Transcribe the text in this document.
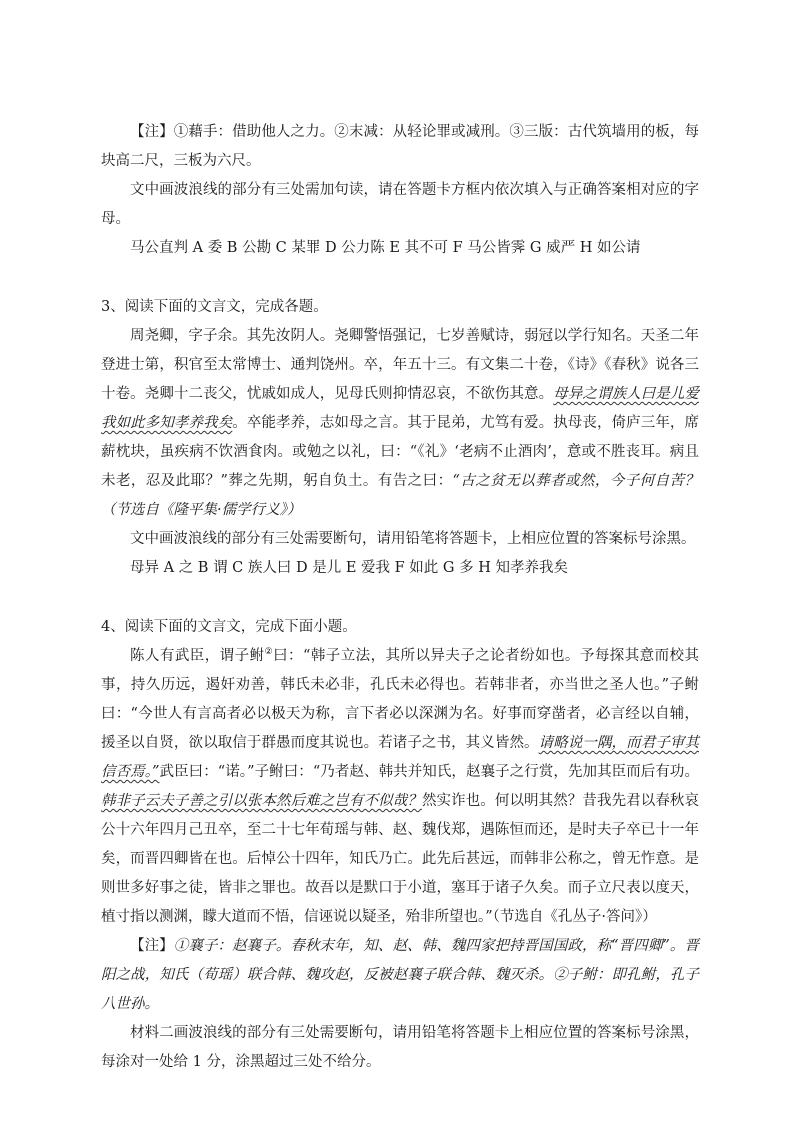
【注】①藉手：借助他人之力。②末减：从轻论罪或减刑。③三版：古代筑墙用的板，每块高二尺，三板为六尺。

文中画波浪线的部分有三处需加句读，请在答题卡方框内依次填入与正确答案相对应的字母。

马公直判 A 委 B 公勘 C 某罪 D 公力陈 E 其不可 F 马公皆霁 G 威严 H 如公请

3、阅读下面的文言文，完成各题。

周尧卿，字子余。其先汝阴人。尧卿警悟强记，七岁善赋诗，弱冠以学行知名。天圣二年登进士第，积官至太常博士、通判饶州。卒，年五十三。有文集二十卷，《诗》《春秋》说各三十卷。尧卿十二丧父，忧戚如成人，见母氏则抑情忍哀，不欲伤其意。母异之谓族人曰是儿爱我如此多知孝养我矣。卒能孝养，志如母之言。其于昆弟，尤笃有爱。执母丧，倚庐三年，席薪枕块，虽疾病不饮酒食肉。或勉之以礼，曰：“《礼》‘老病不止酒肉’，意或不胜丧耳。病且未老，忍及此耶？”葬之先期，躬自负土。有告之曰：“古之贫无以葬者或然，今子何自苦？（节选自《隆平集·儒学行义》）

文中画波浪线的部分有三处需要断句，请用铅笔将答题卡，上相应位置的答案标号涂黑。

母异 A 之 B 谓 C 族人曰 D 是儿 E 爱我 F 如此 G 多 H 知孝养我矣

4、阅读下面的文言文，完成下面小题。

陈人有武臣，谓子鲋②曰：“韩子立法，其所以异夫子之论者纷如也。予每探其意而校其事，持久历远，遏奸劝善，韩氏未必非，孔氏未必得也。若韩非者，亦当世之圣人也。”子鲋曰：“今世人有言高者必以极天为称，言下者必以深渊为名。好事而穿凿者，必言经以自辅，援圣以自贤，欲以取信于群愚而度其说也。若诸子之书，其义皆然。请略说一隅，而君子审其信否焉。”武臣曰：“诺。”子鲋曰：“乃者赵、韩共并知氏，赵襄子之行赏，先加其臣而后有功。韩非子云夫子善之引以张本然后难之岂有不似哉？然实诈也。何以明其然？昔我先君以春秋哀公十六年四月己丑卒，至二十七年荀瑶与韩、赵、魏伐郑，遇陈恒而还，是时夫子卒已十一年矣，而晋四卿皆在也。后悼公十四年，知氏乃亡。此先后甚远，而韩非公称之，曾无怍意。是则世多好事之徒，皆非之罪也。故吾以是默口于小道，塞耳于诸子久矣。而子立尺表以度天，植寸指以测渊，矇大道而不悟，信诬说以疑圣，殆非所望也。”（节选自《孔丛子·答问》）

【注】①襄子：赵襄子。春秋末年，知、赵、韩、魏四家把持晋国国政，称“晋四卿”。晋阳之战，知氏（荀瑶）联合韩、魏攻赵，反被赵襄子联合韩、魏灭杀。②子鲋：即孔鲋，孔子八世孙。

材料二画波浪线的部分有三处需要断句，请用铅笔将答题卡上相应位置的答案标号涂黑，每涂对一处给 1 分，涂黑超过三处不给分。
